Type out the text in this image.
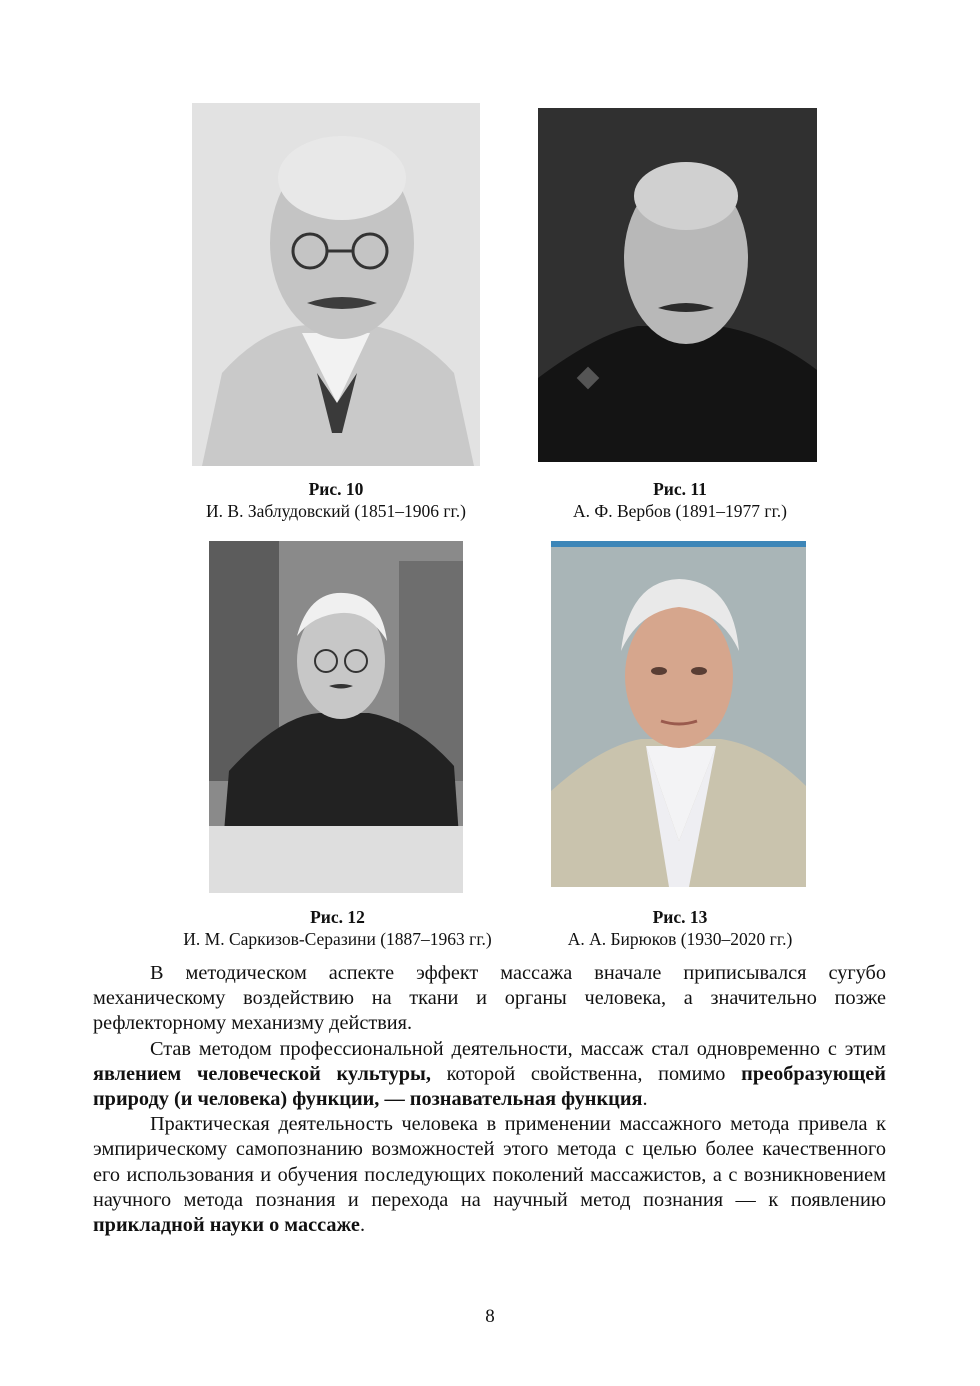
Рис. 10
И. В. Заблудовский (1851–1906 гг.)
Рис. 11
А. Ф. Вербов (1891–1977 гг.)
Рис. 12
И. М. Саркизов-Серазини (1887–1963 гг.)
Рис. 13
А. А. Бирюков (1930–2020 гг.)

В методическом аспекте эффект массажа вначале приписывался сугубо механическому воздействию на ткани и органы человека, а значительно позже рефлекторному механизму действия.

Став методом профессиональной деятельности, массаж стал одновременно с этим явлением человеческой культуры, которой свойственна, помимо преобразующей природу (и человека) функции, — познавательная функция.

Практическая деятельность человека в применении массажного метода привела к эмпирическому самопознанию возможностей этого метода с целью более качественного его использования и обучения последующих поколений массажистов, а с возникновением научного метода познания и перехода на научный метод познания — к появлению прикладной науки о массаже.

8
